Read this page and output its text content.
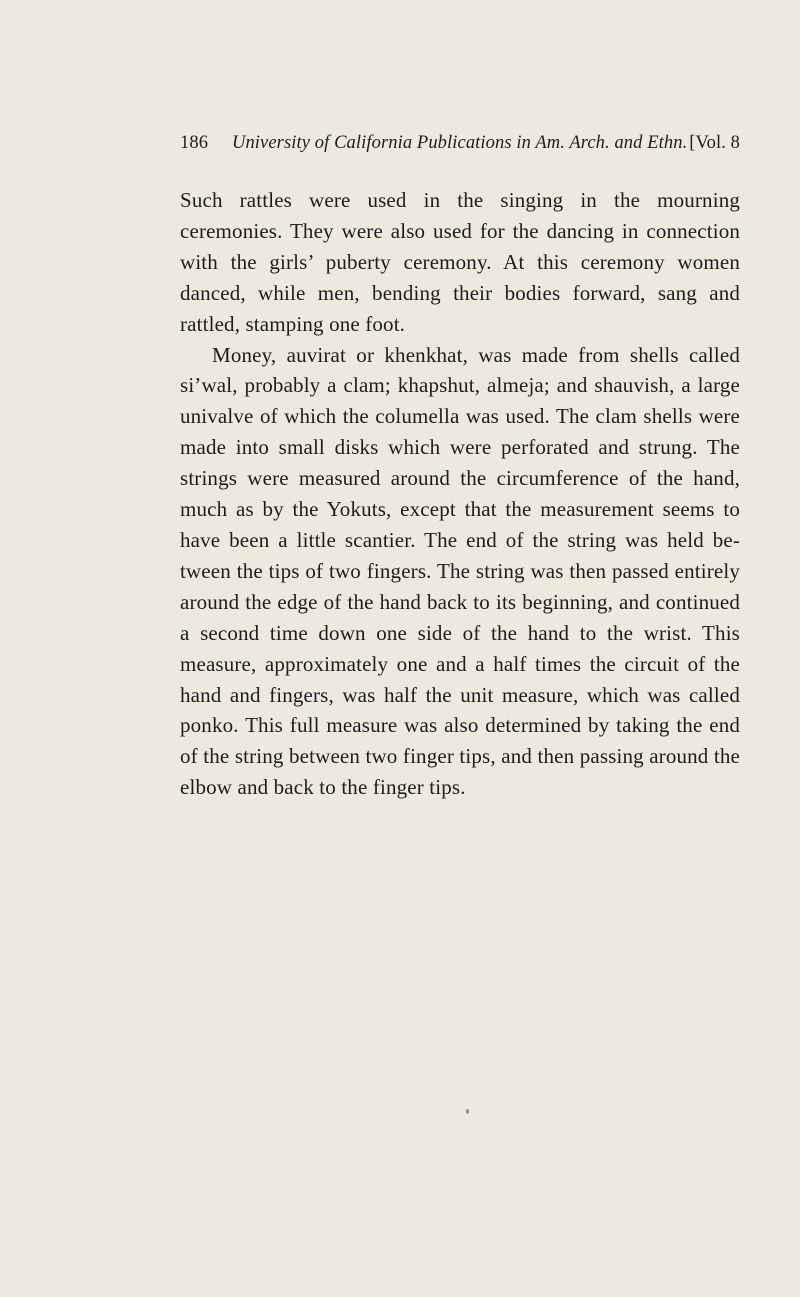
186 University of California Publications in Am. Arch. and Ethn. [Vol. 8

Such rattles were used in the singing in the mourning ceremonies. They were also used for the dancing in connection with the girls’ puberty ceremony. At this ceremony women danced, while men, bending their bodies forward, sang and rattled, stamping one foot.

Money, auvirat or khenkhat, was made from shells called si’wal, probably a clam; khapshut, almeja; and shauvish, a large univalve of which the columella was used. The clam shells were made into small disks which were perforated and strung. The strings were measured around the circumference of the hand, much as by the Yokuts, except that the measurement seems to have been a little scantier. The end of the string was held be-tween the tips of two fingers. The string was then passed entirely around the edge of the hand back to its beginning, and continued a second time down one side of the hand to the wrist. This measure, approximately one and a half times the circuit of the hand and fingers, was half the unit measure, which was called ponko. This full measure was also determined by taking the end of the string between two finger tips, and then passing around the elbow and back to the finger tips.
